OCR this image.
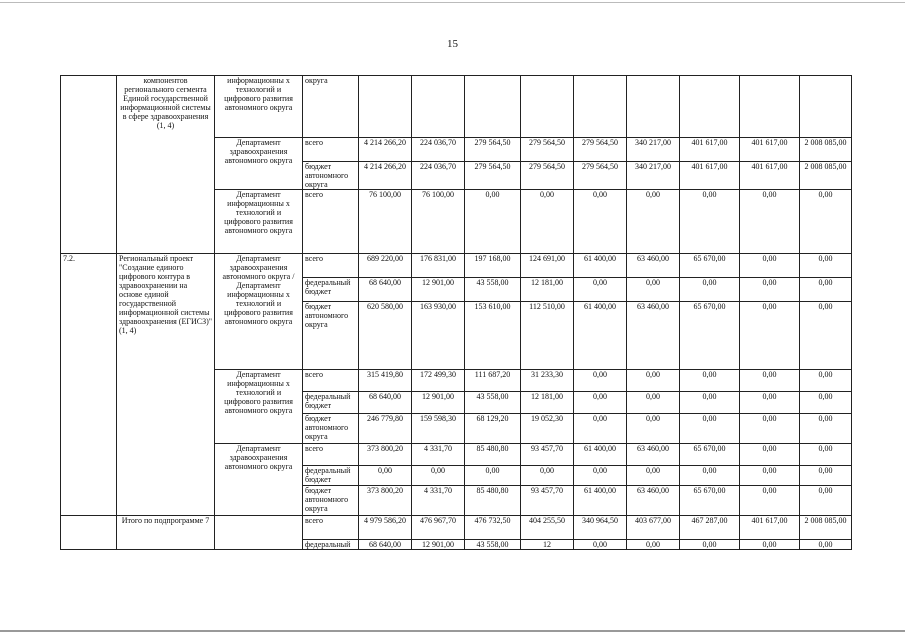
15
	компонентов регионального сегмента Единой государственной информационной системы в сфере здравоохранения (1, 4)	информационны х технологий и цифрового развития автономного округа	округа									
		Департамент здравоохранения автономного округа	всего	4 214 266,20	224 036,70	279 564,50	279 564,50	279 564,50	340 217,00	401 617,00	401 617,00	2 008 085,00
			бюджет автономного округа	4 214 266,20	224 036,70	279 564,50	279 564,50	279 564,50	340 217,00	401 617,00	401 617,00	2 008 085,00
		Департамент информационны х технологий и цифрового развития автономного округа	всего	76 100,00	76 100,00	0,00	0,00	0,00	0,00	0,00	0,00	0,00
7.2.	Региональный проект "Создание единого цифрового контура в здравоохранении на основе единой государственной информационной системы здравоохранения (ЕГИСЗ)" (1, 4)	Департамент здравоохранения автономного округа /Департамент информационны х технологий и цифрового развития автономного округа	всего	689 220,00	176 831,00	197 168,00	124 691,00	61 400,00	63 460,00	65 670,00	0,00	0,00
			федеральный бюджет	68 640,00	12 901,00	43 558,00	12 181,00	0,00	0,00	0,00	0,00	0,00
			бюджет автономного округа	620 580,00	163 930,00	153 610,00	112 510,00	61 400,00	63 460,00	65 670,00	0,00	0,00
		Департамент информационны х технологий и цифрового развития автономного округа	всего	315 419,80	172 499,30	111 687,20	31 233,30	0,00	0,00	0,00	0,00	0,00
			федеральный бюджет	68 640,00	12 901,00	43 558,00	12 181,00	0,00	0,00	0,00	0,00	0,00
			бюджет автономного округа	246 779,80	159 598,30	68 129,20	19 052,30	0,00	0,00	0,00	0,00	0,00
		Департамент здравоохранения автономного округа	всего	373 800,20	4 331,70	85 480,80	93 457,70	61 400,00	63 460,00	65 670,00	0,00	0,00
			федеральный бюджет	0,00	0,00	0,00	0,00	0,00	0,00	0,00	0,00	0,00
			бюджет автономного округа	373 800,20	4 331,70	85 480,80	93 457,70	61 400,00	63 460,00	65 670,00	0,00	0,00
	Итого по подпрограмме 7		всего	4 979 586,20	476 967,70	476 732,50	404 255,50	340 964,50	403 677,00	467 287,00	401 617,00	2 008 085,00
			федеральный	68 640,00	12 901,00	43 558,00	12	0,00	0,00	0,00	0,00	0,00
